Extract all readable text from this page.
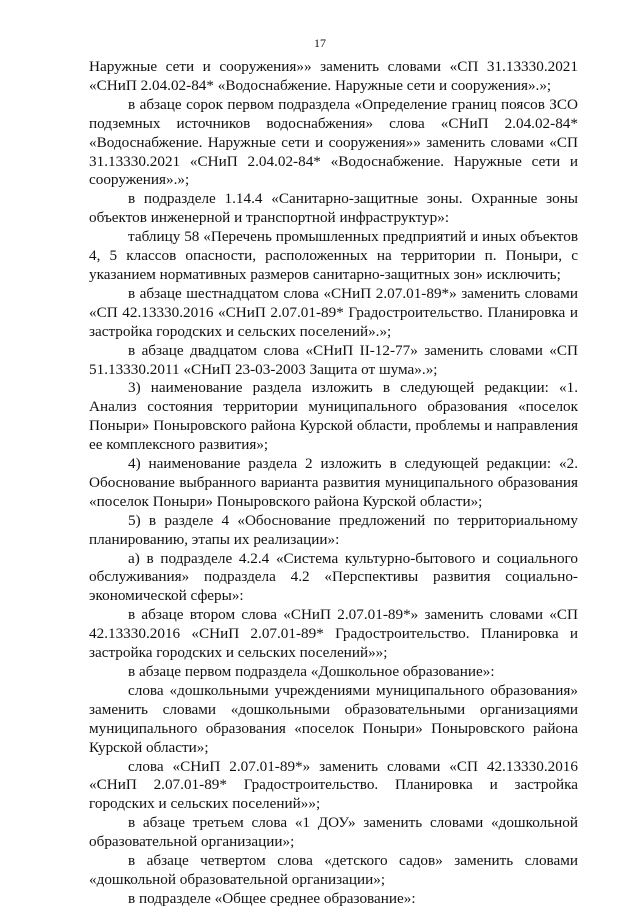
17

Наружные сети и сооружения»» заменить словами «СП 31.13330.2021 «СНиП 2.04.02-84* «Водоснабжение. Наружные сети и сооружения».»;

в абзаце сорок первом подраздела «Определение границ поясов ЗСО подземных источников водоснабжения» слова «СНиП 2.04.02-84* «Водоснабжение. Наружные сети и сооружения»» заменить словами «СП 31.13330.2021 «СНиП 2.04.02-84* «Водоснабжение. Наружные сети и сооружения».»;

в подразделе 1.14.4 «Санитарно-защитные зоны. Охранные зоны объектов инженерной и транспортной инфраструктур»:

таблицу 58 «Перечень промышленных предприятий и иных объектов 4, 5 классов опасности, расположенных на территории п. Поныри, с указанием нормативных размеров санитарно-защитных зон» исключить;

в абзаце шестнадцатом слова «СНиП 2.07.01-89*» заменить словами «СП 42.13330.2016 «СНиП 2.07.01-89* Градостроительство. Планировка и застройка городских и сельских поселений».»;

в абзаце двадцатом слова «СНиП II-12-77» заменить словами «СП 51.13330.2011 «СНиП 23-03-2003 Защита от шума».»;

3) наименование раздела изложить в следующей редакции: «1. Анализ состояния территории муниципального образования «поселок Поныри» Поныровского района Курской области, проблемы и направления ее комплексного развития»;

4) наименование раздела 2 изложить в следующей редакции: «2. Обоснование выбранного варианта развития муниципального образования «поселок Поныри» Поныровского района Курской области»;

5) в разделе 4 «Обоснование предложений по территориальному планированию, этапы их реализации»:

а) в подразделе 4.2.4 «Система культурно-бытового и социального обслуживания» подраздела 4.2 «Перспективы развития социально-экономической сферы»:

в абзаце втором слова «СНиП 2.07.01-89*» заменить словами «СП 42.13330.2016 «СНиП 2.07.01-89* Градостроительство. Планировка и застройка городских и сельских поселений»»;

в абзаце первом подраздела «Дошкольное образование»:

слова «дошкольными учреждениями муниципального образования» заменить словами «дошкольными образовательными организациями муниципального образования «поселок Поныри» Поныровского района Курской области»;

слова «СНиП 2.07.01-89*» заменить словами «СП 42.13330.2016 «СНиП 2.07.01-89* Градостроительство. Планировка и застройка городских и сельских поселений»»;

в абзаце третьем слова «1 ДОУ» заменить словами «дошкольной образовательной организации»;

в абзаце четвертом слова «детского садов» заменить словами «дошкольной образовательной организации»;

в подразделе «Общее среднее образование»:
